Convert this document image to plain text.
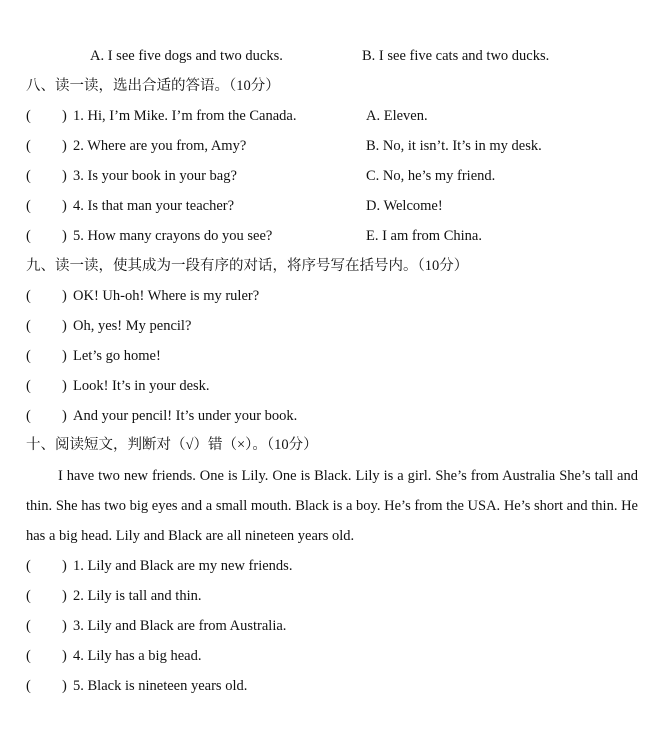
A. I see five dogs and two ducks.	B. I see five cats and two ducks.
八、读一读，选出合适的答语。（10分）
( ) 1. Hi, I’m Mike. I’m from the Canada.	A. Eleven.
( ) 2. Where are you from, Amy?	B. No, it isn’t. It’s in my desk.
( ) 3. Is your book in your bag?	C. No, he’s my friend.
( ) 4. Is that man your teacher?	D. Welcome!
( ) 5. How many crayons do you see?	E. I am from China.
九、读一读，使其成为一段有序的对话，将序号写在括号内。（10分）
( ) OK! Uh-oh! Where is my ruler?
( ) Oh, yes! My pencil?
( ) Let’s go home!
( ) Look! It’s in your desk.
( ) And your pencil! It’s under your book.
十、阅读短文，判断对（√）错（×）。（10分）
I have two new friends. One is Lily. One is Black. Lily is a girl. She’s from Australia She’s tall and thin. She has two big eyes and a small mouth. Black is a boy. He’s from the USA. He’s short and thin. He has a big head. Lily and Black are all nineteen years old.
( ) 1. Lily and Black are my new friends.
( ) 2. Lily is tall and thin.
( ) 3. Lily and Black are from Australia.
( ) 4. Lily has a big head.
( ) 5. Black is nineteen years old.
